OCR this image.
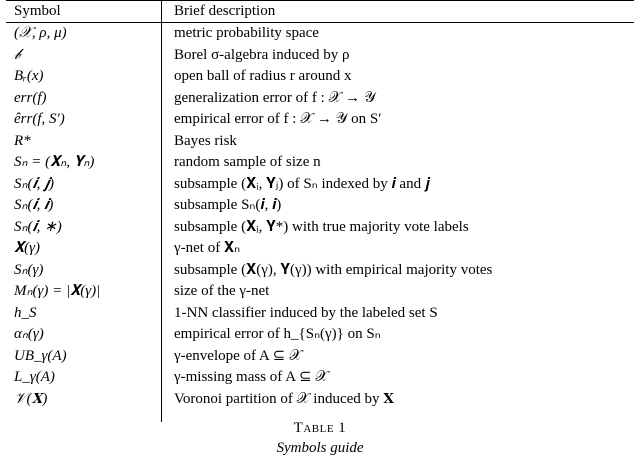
Symbol	Brief description
(𝒳, ρ, μ)	metric probability space
𝒷	Borel σ-algebra induced by ρ
Bᵣ(x)	open ball of radius r around x
err(f)	generalization error of f : 𝒳 → 𝒴
êrr(f, S′)	empirical error of f : 𝒳 → 𝒴 on S′
R*	Bayes risk
Sₙ = (𝐗ₙ, 𝐘ₙ)	random sample of size n
Sₙ(𝒊, 𝒋)	subsample (𝐗ᵢ, 𝐘ⱼ) of Sₙ indexed by 𝒊 and 𝒋
Sₙ(𝒊, 𝒊)	subsample Sₙ(𝒊, 𝒊)
Sₙ(𝒊, ∗)	subsample (𝐗ᵢ, 𝐘*) with true majority vote labels
𝐗(γ)	γ-net of 𝐗ₙ
Sₙ(γ)	subsample (𝐗(γ), 𝐘(γ)) with empirical majority votes
Mₙ(γ) = |𝐗(γ)|	size of the γ-net
h_S	1-NN classifier induced by the labeled set S
αₙ(γ)	empirical error of h_{Sₙ(γ)} on Sₙ
UB_γ(A)	γ-envelope of A ⊆ 𝒳
L_γ(A)	γ-missing mass of A ⊆ 𝒳
𝒱(𝐗)	Voronoi partition of 𝒳 induced by 𝐗
Table 1
Symbols guide
